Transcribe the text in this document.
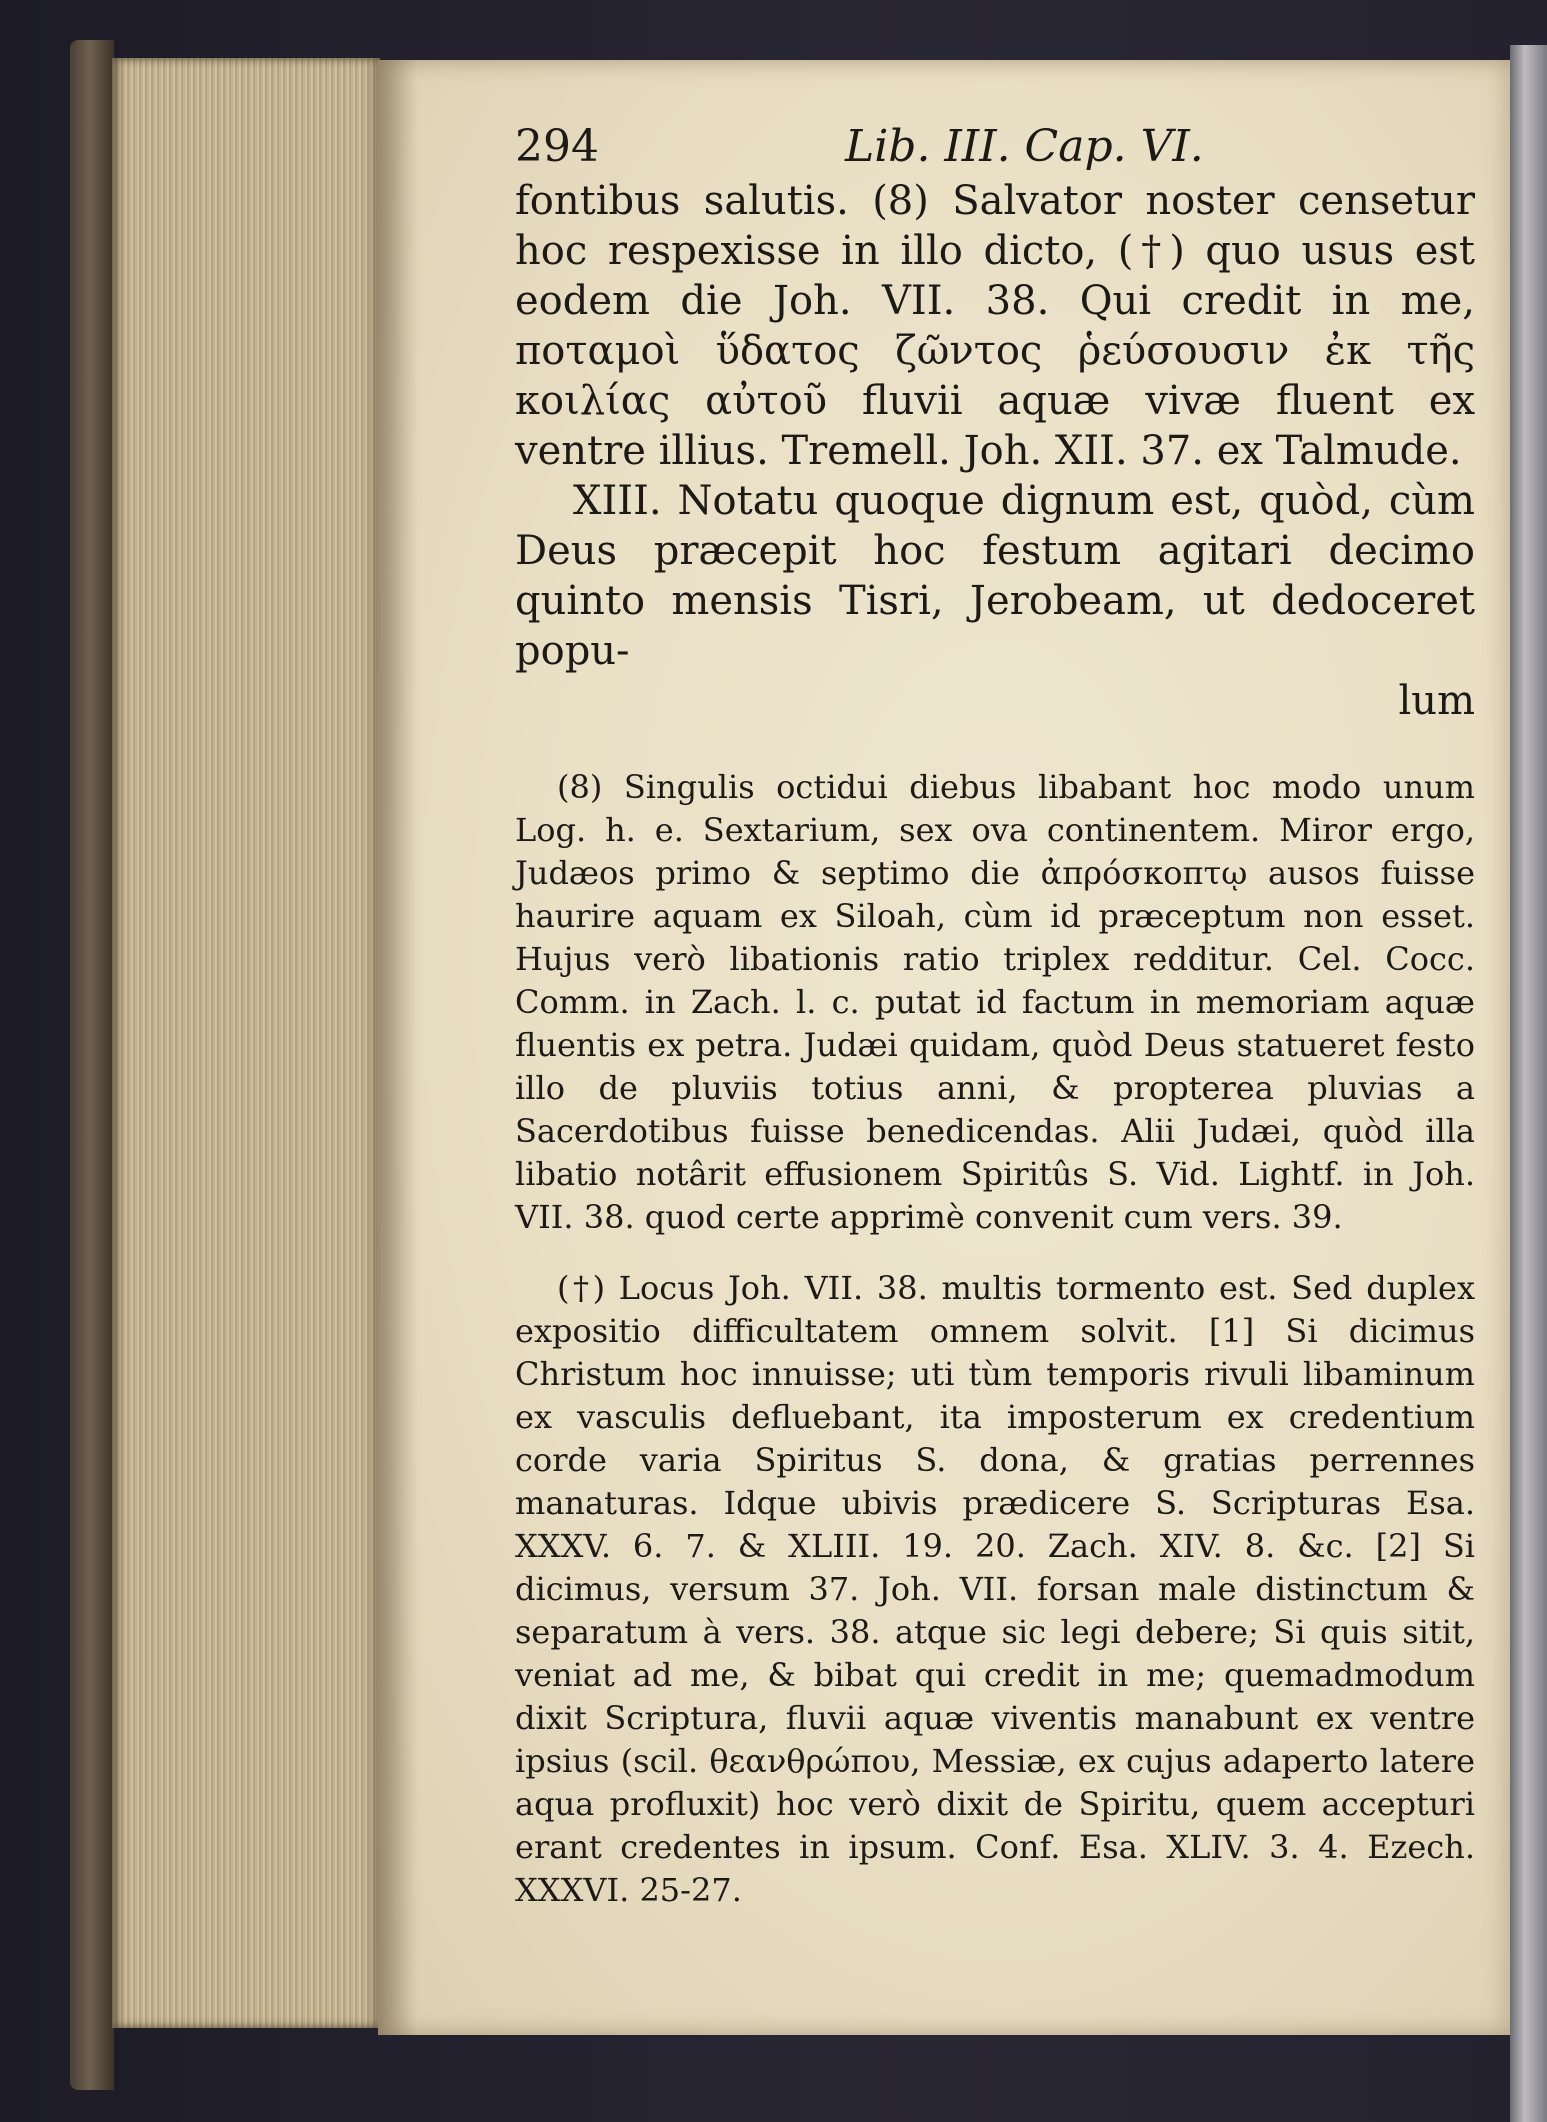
294	Lib. III. Cap. VI.

fontibus salutis. (8) Salvator noster censetur hoc respexisse in illo dicto, (†) quo usus est eodem die Joh. VII. 38. Qui credit in me, ποταμοὶ ὕδατος ζῶντος ῥεύσουσιν ἐκ τῆς κοιλίας αὐτοῦ fluvii aquæ vivæ fluent ex ventre illius. Tremell. Joh. XII. 37. ex Talmude.

XIII. Notatu quoque dignum est, quòd, cùm Deus præcepit hoc festum agitari decimo quinto mensis Tisri, Jerobeam, ut dedoceret popu-

lum

(8) Singulis octidui diebus libabant hoc modo unum Log. h. e. Sextarium, sex ova continentem. Miror ergo, Judæos primo & septimo die ἀπρόσκοπτῳ ausos fuisse haurire aquam ex Siloah, cùm id præceptum non esset. Hujus verò libationis ratio triplex redditur. Cel. Cocc. Comm. in Zach. l. c. putat id factum in memoriam aquæ fluentis ex petra. Judæi quidam, quòd Deus statueret festo illo de pluviis totius anni, & propterea pluvias a Sacerdotibus fuisse benedicendas. Alii Judæi, quòd illa libatio notârit effusionem Spiritûs S. Vid. Lightf. in Joh. VII. 38. quod certe apprimè convenit cum vers. 39.

(†) Locus Joh. VII. 38. multis tormento est. Sed duplex expositio difficultatem omnem solvit. [1] Si dicimus Christum hoc innuisse; uti tùm temporis rivuli libaminum ex vasculis defluebant, ita imposterum ex credentium corde varia Spiritus S. dona, & gratias perrennes manaturas. Idque ubivis prædicere S. Scripturas Esa. XXXV. 6. 7. & XLIII. 19. 20. Zach. XIV. 8. &c. [2] Si dicimus, versum 37. Joh. VII. forsan male distinctum & separatum à vers. 38. atque sic legi debere; Si quis sitit, veniat ad me, & bibat qui credit in me; quemadmodum dixit Scriptura, fluvii aquæ viventis manabunt ex ventre ipsius (scil. θεανθρώπου, Messiæ, ex cujus adaperto latere aqua profluxit) hoc verò dixit de Spiritu, quem accepturi erant credentes in ipsum. Conf. Esa. XLIV. 3. 4. Ezech. XXXVI. 25-27.
